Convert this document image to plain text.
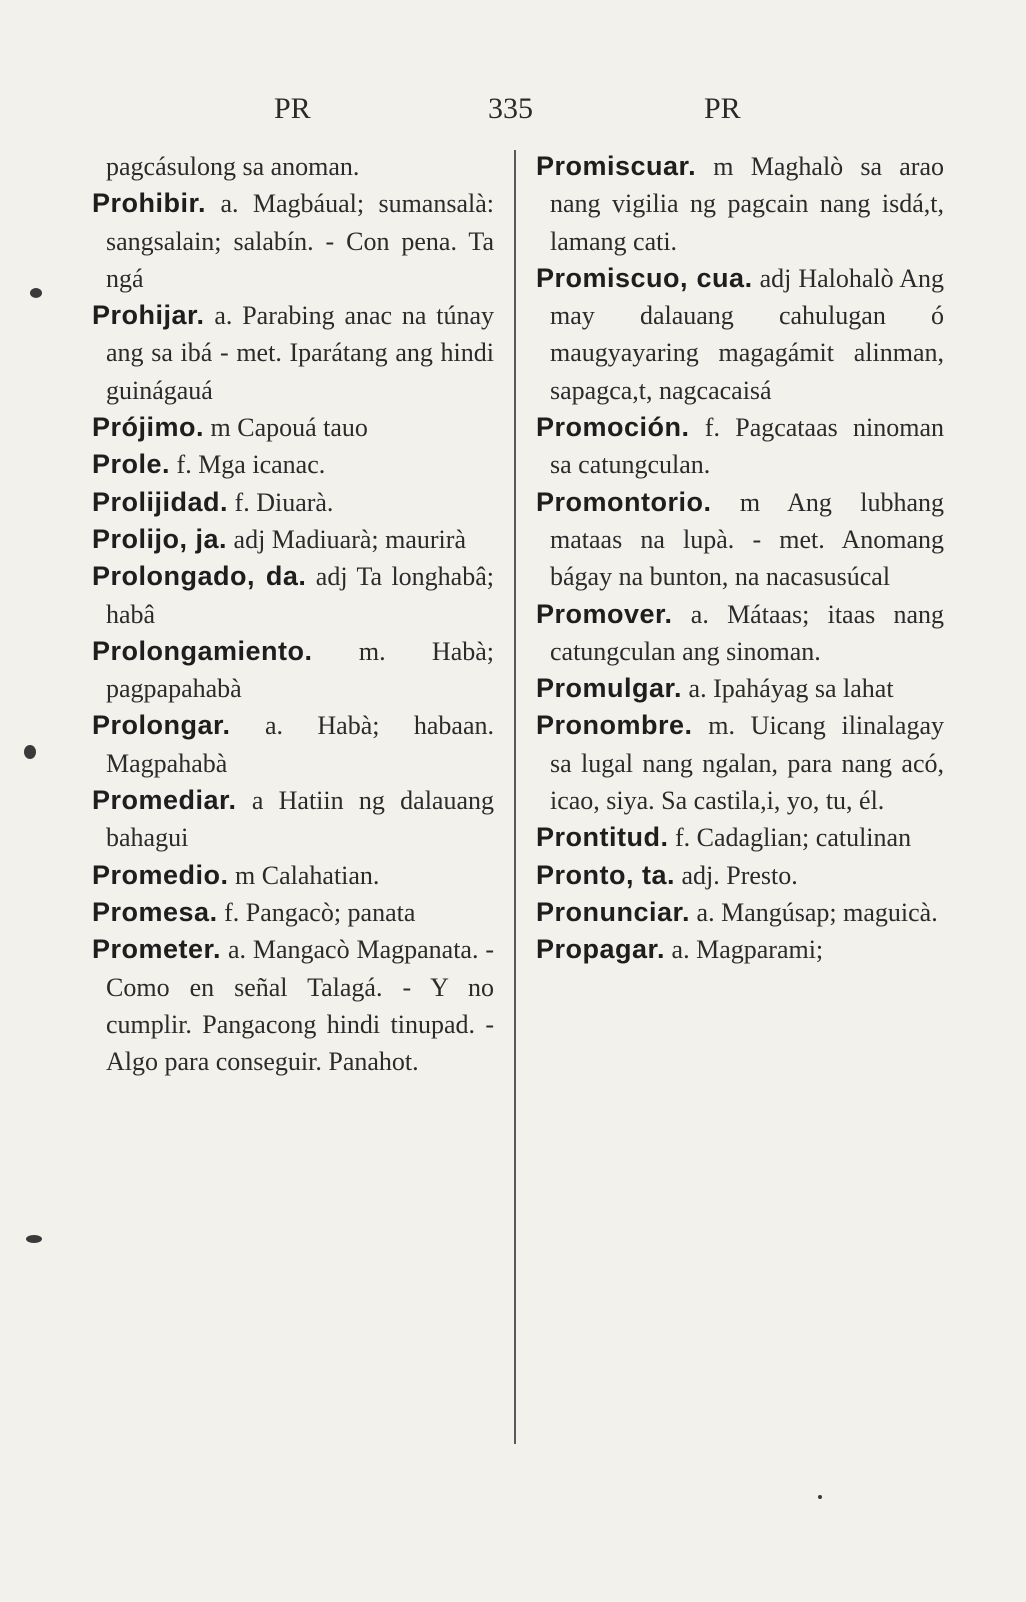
PR	335	PR

pagcásulong sa anoman.

Prohibir. a. Magbáual; sumansalà: sangsalain; salabín. - Con pena. Ta ngá

Prohijar. a. Parabing anac na túnay ang sa ibá - met. Iparátang ang hindi guinágauá

Prójimo. m Capouá tauo

Prole. f. Mga icanac.

Prolijidad. f. Diuarà.

Prolijo, ja. adj Madiuarà; maurirà

Prolongado, da. adj Ta longhabâ; habâ

Prolongamiento. m. Habà; pagpapahabà

Prolongar. a. Habà; habaan. Magpahabà

Promediar. a Hatiin ng dalauang bahagui

Promedio. m Calahatian.

Promesa. f. Pangacò; panata

Prometer. a. Mangacò Magpanata. - Como en señal Talagá. - Y no cumplir. Pangacong hindi tinupad. - Algo para conseguir. Panahot.

Promiscuar. m Maghalò sa arao nang vigilia ng pagcain nang isdá,t, lamang cati.

Promiscuo, cua. adj Halohalò Ang may dalauang cahulugan ó maugyayaring magagámit alinman, sapagca,t, nagcacaisá

Promoción. f. Pagcataas ninoman sa catungculan.

Promontorio. m Ang lubhang mataas na lupà. - met. Anomang bágay na bunton, na nacasusúcal

Promover. a. Mátaas; itaas nang catungculan ang sinoman.

Promulgar. a. Ipaháyag sa lahat

Pronombre. m. Uicang ilinalagay sa lugal nang ngalan, para nang acó, icao, siya. Sa castila,i, yo, tu, él.

Prontitud. f. Cadaglian; catulinan

Pronto, ta. adj. Presto.

Pronunciar. a. Mangúsap; maguicà.

Propagar. a. Magparami;
